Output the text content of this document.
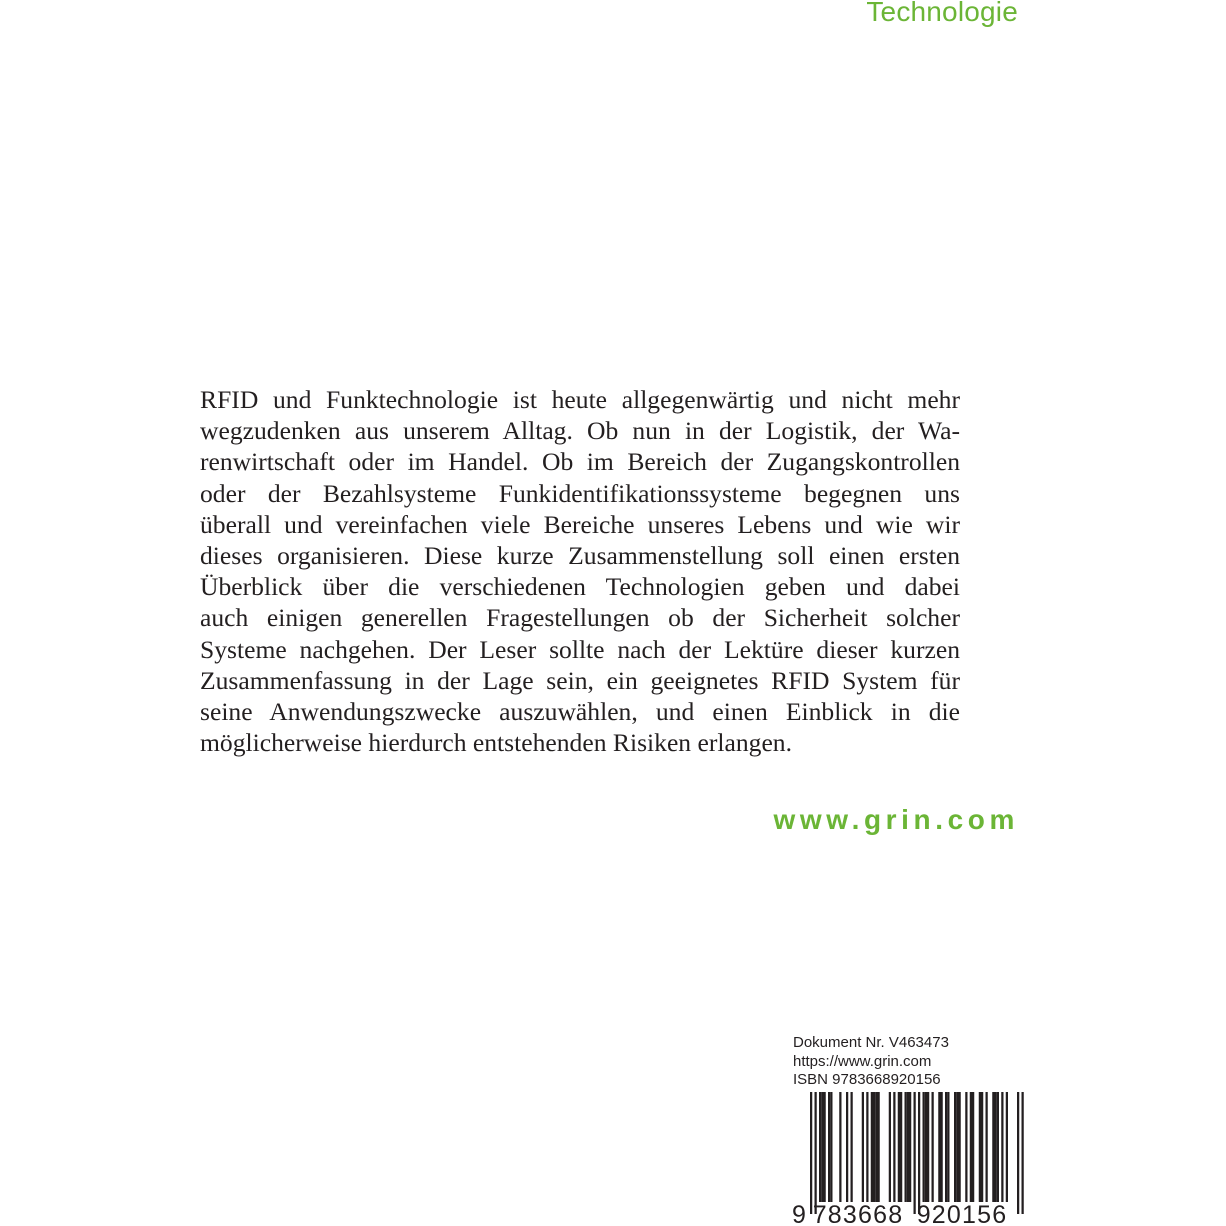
Technologie
RFID und Funktechnologie ist heute allgegenwärtig und nicht mehr
wegzudenken aus unserem Alltag. Ob nun in der Logistik, der Wa-
renwirtschaft oder im Handel. Ob im Bereich der Zugangskontrollen
oder der Bezahlsysteme Funkidentifikationssysteme begegnen uns
überall und vereinfachen viele Bereiche unseres Lebens und wie wir
dieses organisieren. Diese kurze Zusammenstellung soll einen ersten
Überblick über die verschiedenen Technologien geben und dabei
auch einigen generellen Fragestellungen ob der Sicherheit solcher
Systeme nachgehen. Der Leser sollte nach der Lektüre dieser kurzen
Zusammenfassung in der Lage sein, ein geeignetes RFID System für
seine Anwendungszwecke auszuwählen, und einen Einblick in die
möglicherweise hierdurch entstehenden Risiken erlangen.
www.grin.com
Dokument Nr. V463473
https://www.grin.com
ISBN 9783668920156
9 783668 920156
